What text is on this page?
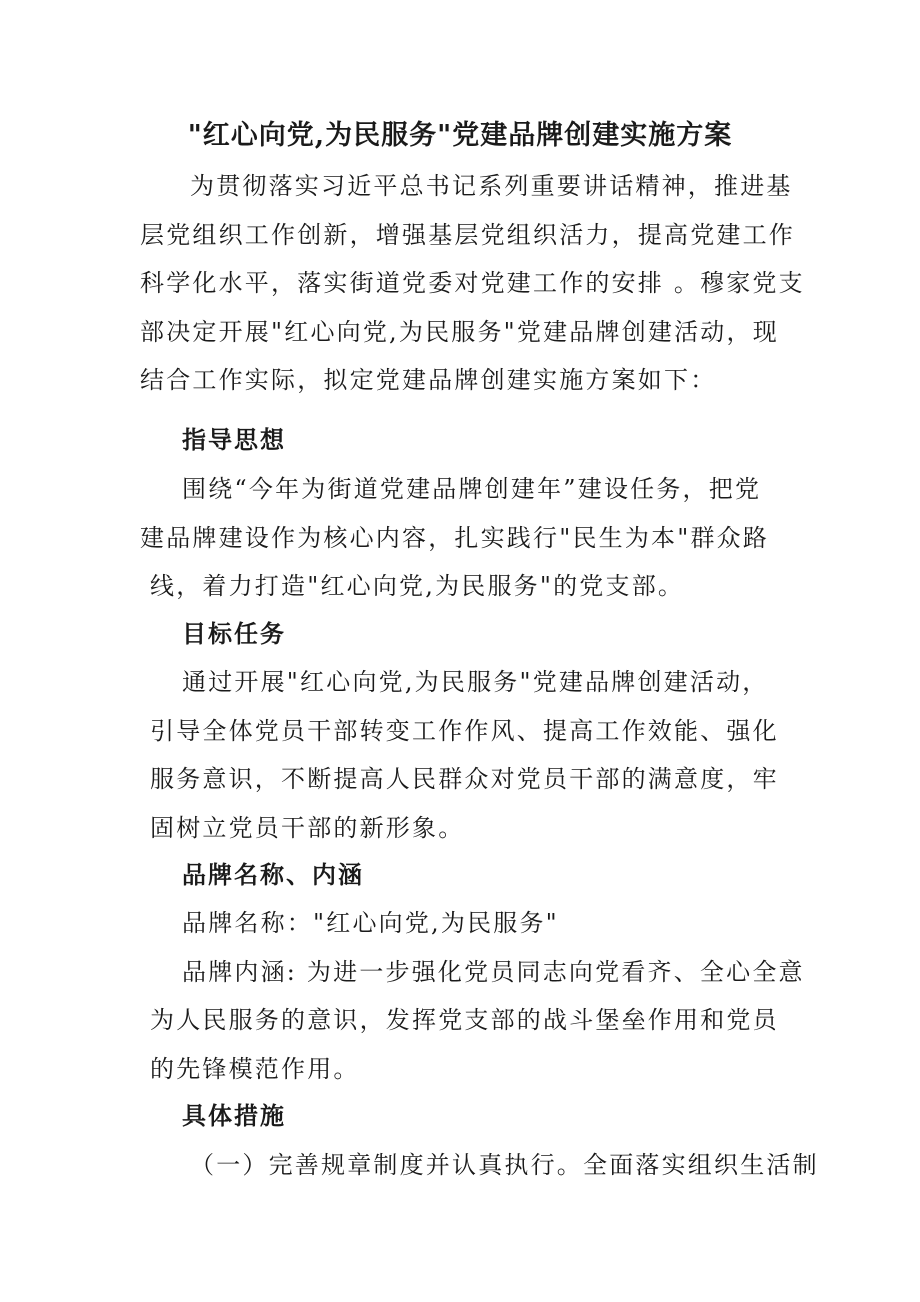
"红心向党,为民服务"党建品牌创建实施方案
为贯彻落实习近平总书记系列重要讲话精神，推进基
层党组织工作创新，增强基层党组织活力，提高党建工作
科学化水平，落实街道党委对党建工作的安排 。穆家党支
部决定开展"红心向党,为民服务"党建品牌创建活动，现
结合工作实际，拟定党建品牌创建实施方案如下：
指导思想
围绕“今年为街道党建品牌创建年”建设任务，把党
建品牌建设作为核心内容，扎实践行"民生为本"群众路
线，着力打造"红心向党,为民服务"的党支部。
目标任务
通过开展"红心向党,为民服务"党建品牌创建活动，
引导全体党员干部转变工作作风、提高工作效能、强化
服务意识，不断提高人民群众对党员干部的满意度，牢
固树立党员干部的新形象。
品牌名称、内涵
品牌名称："红心向党,为民服务"
品牌内涵: 为进一步强化党员同志向党看齐、全心全意
为人民服务的意识，发挥党支部的战斗堡垒作用和党员
的先锋模范作用。
具体措施
（一）完善规章制度并认真执行。全面落实组织生活制
